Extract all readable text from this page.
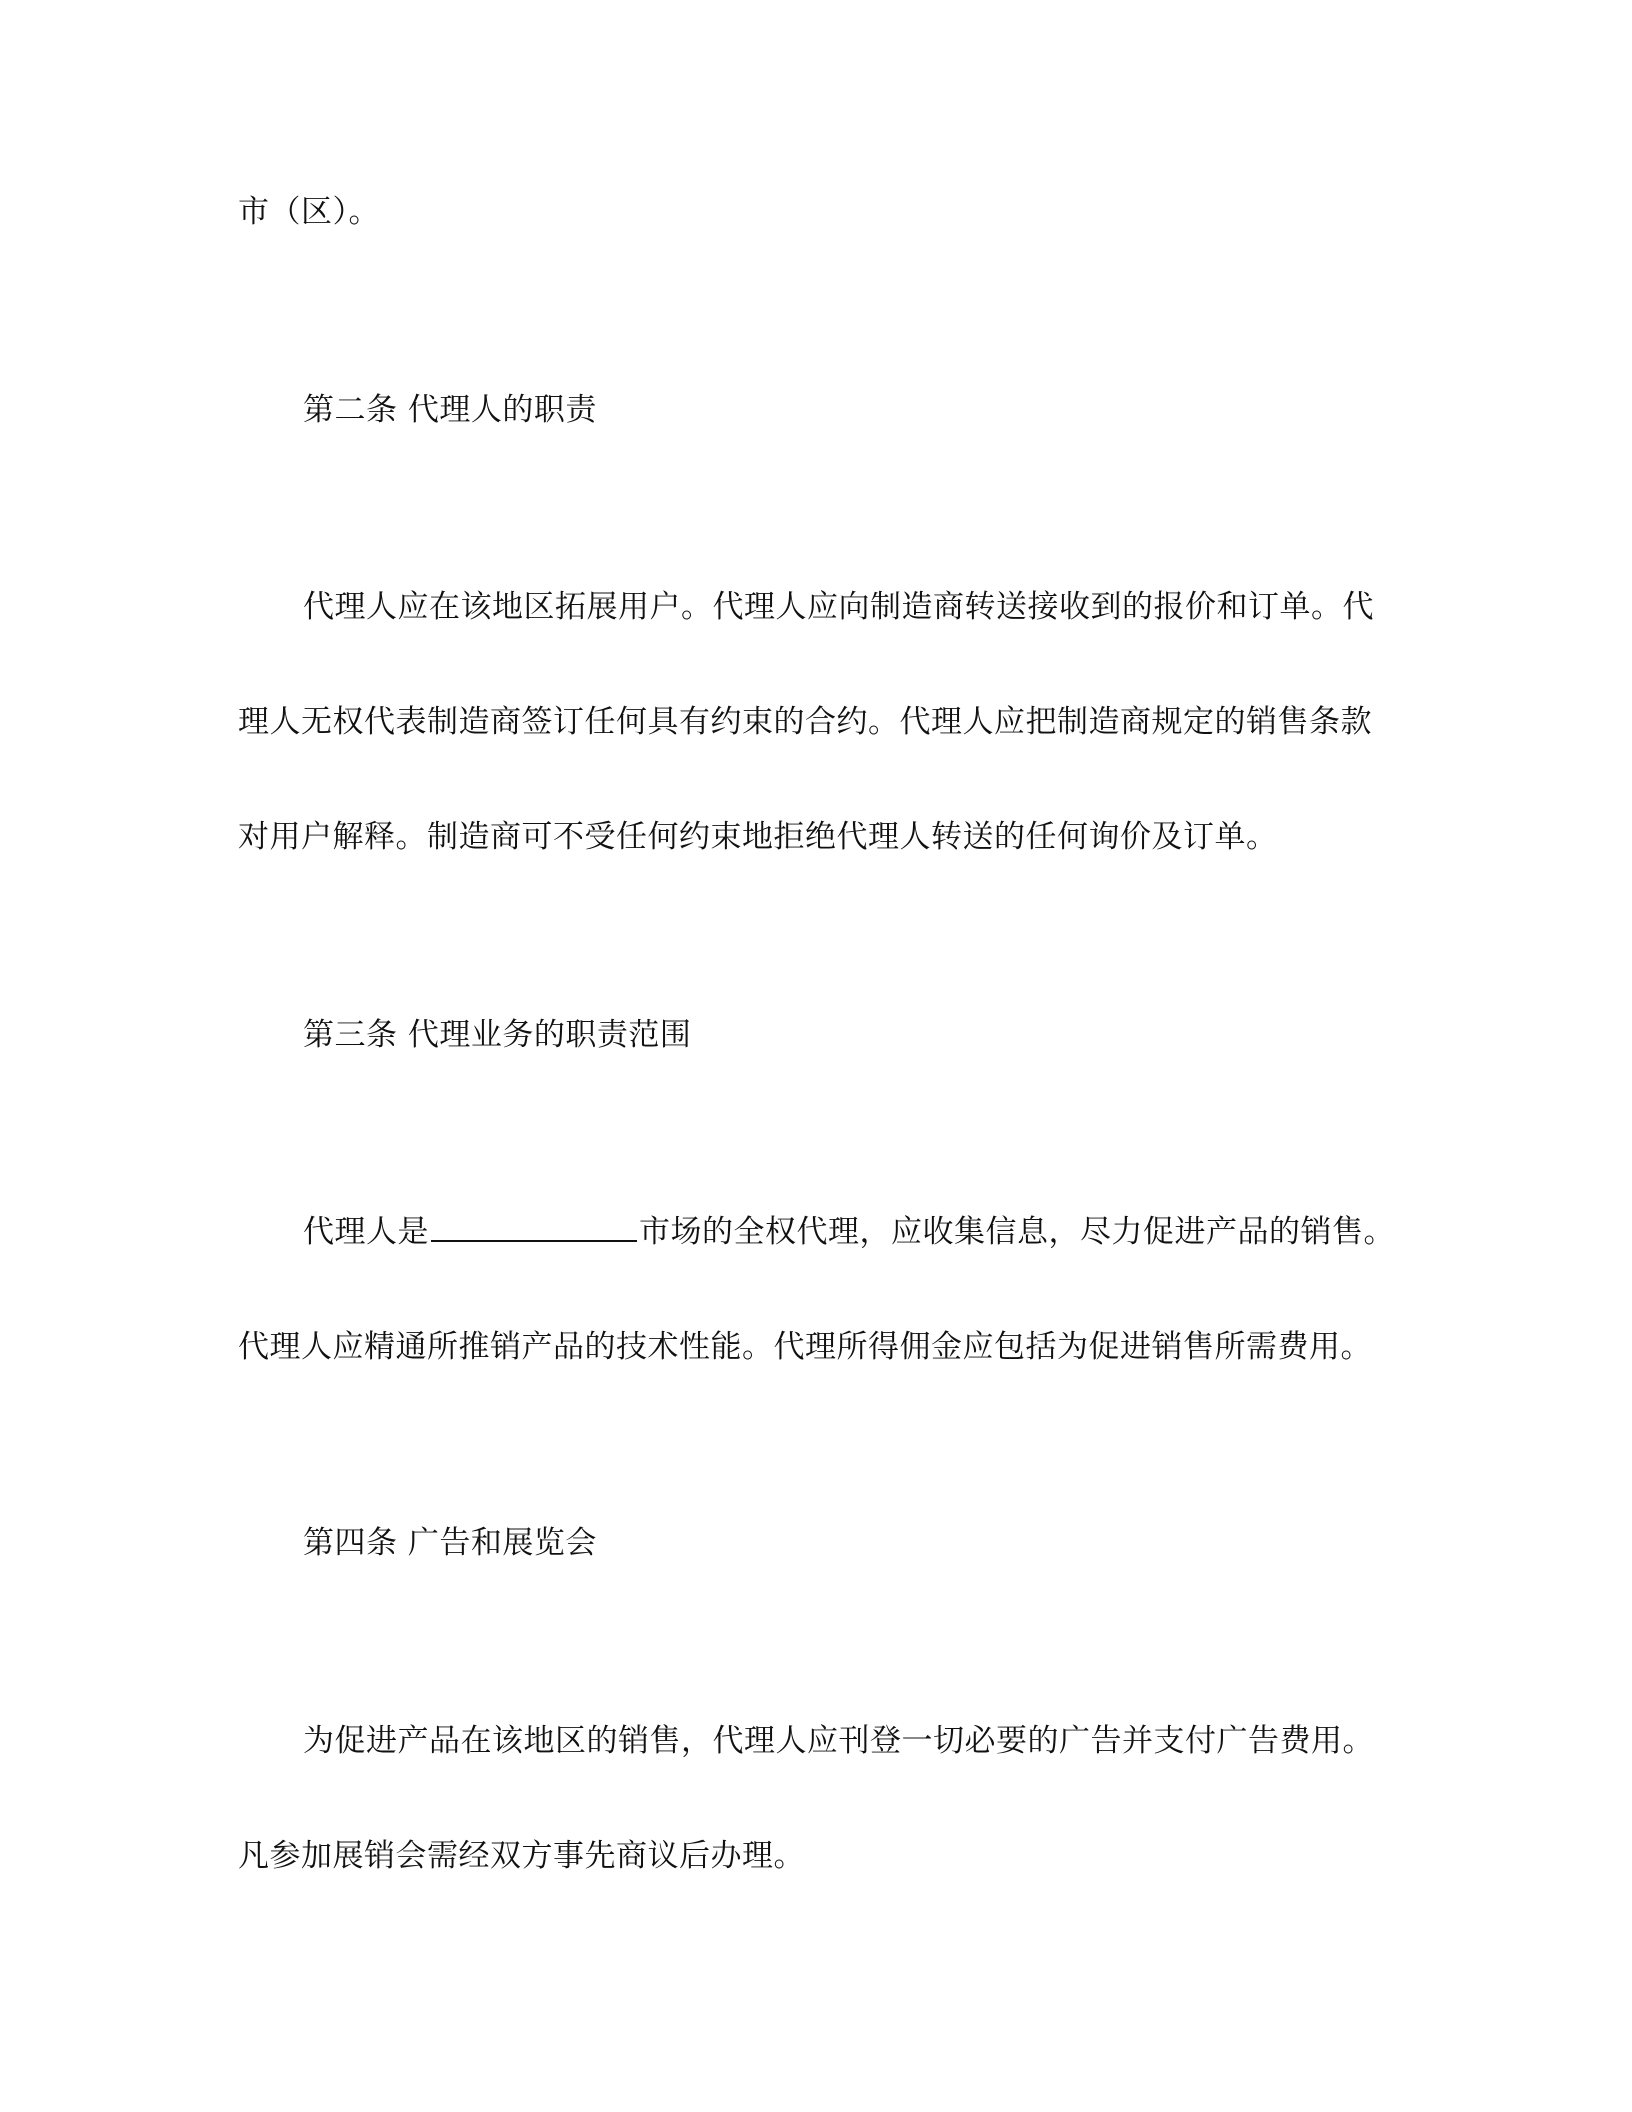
市（区）。
第二条 代理人的职责
代理人应在该地区拓展用户。代理人应向制造商转送接收到的报价和订单。代
理人无权代表制造商签订任何具有约束的合约。代理人应把制造商规定的销售条款
对用户解释。制造商可不受任何约束地拒绝代理人转送的任何询价及订单。
第三条 代理业务的职责范围
代理人是	市场的全权代理，应收集信息，尽力促进产品的销售。
代理人应精通所推销产品的技术性能。代理所得佣金应包括为促进销售所需费用。
第四条 广告和展览会
为促进产品在该地区的销售，代理人应刊登一切必要的广告并支付广告费用。
凡参加展销会需经双方事先商议后办理。
